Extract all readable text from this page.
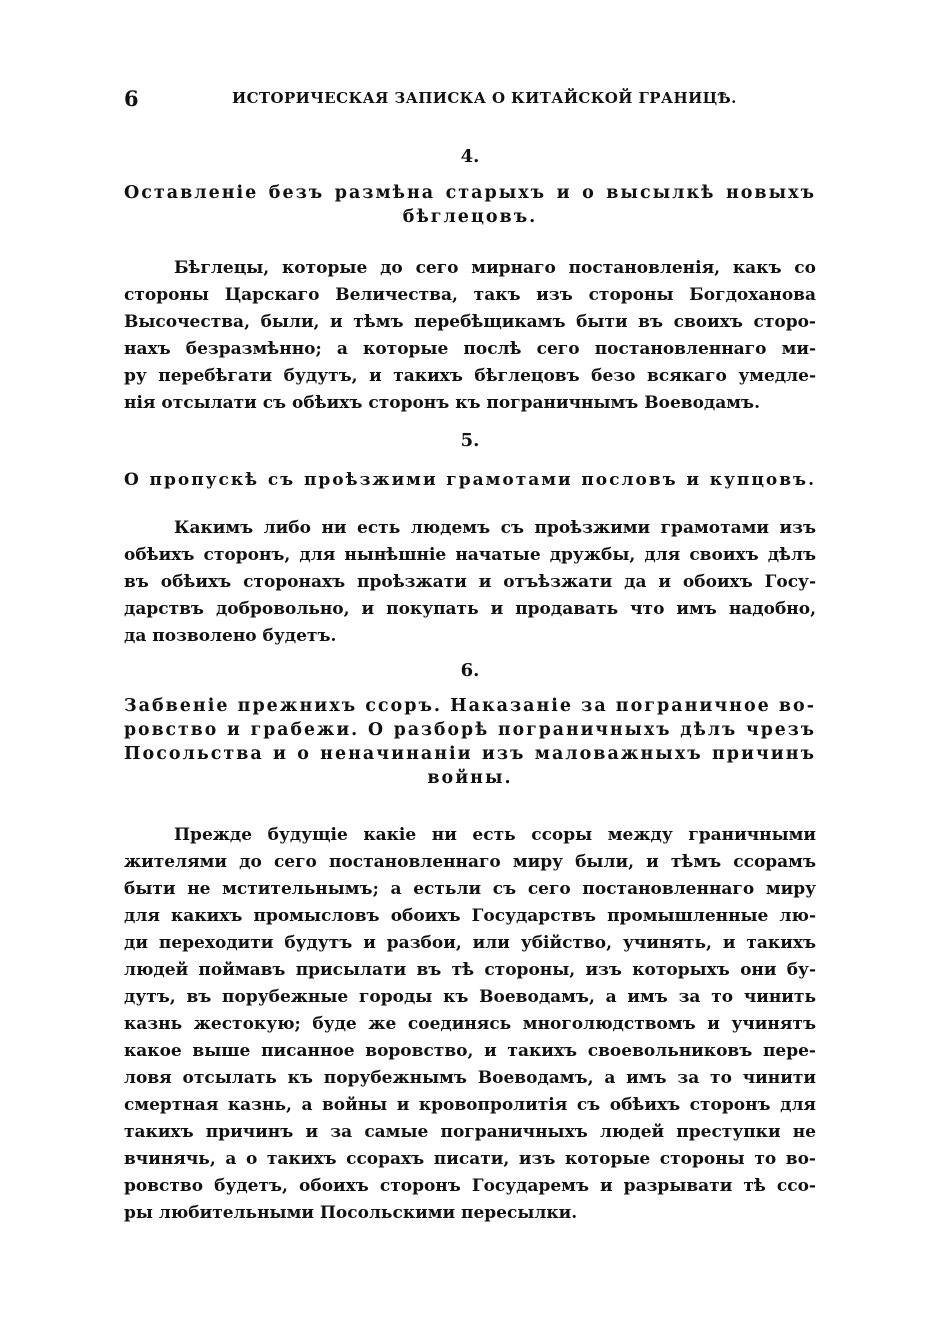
6	ИСТОРИЧЕСКАЯ ЗАПИСКА О КИТАЙСКОЙ ГРАНИЦѢ.
4.
Оставленіе безъ размѣна старыхъ и о высылкѣ новыхъ
бѣглецовъ.
Бѣглецы, которые до сего мирнаго постановленія, какъ со
стороны Царскаго Величества, такъ изъ стороны Богдоханова
Высочества, были, и тѣмъ перебѣщикамъ быти въ своихъ сторо-
нахъ безразмѣнно; а которые послѣ сего постановленнаго ми-
ру перебѣгати будутъ, и такихъ бѣглецовъ безо всякаго умедле-
нія отсылати съ обѣихъ сторонъ къ пограничнымъ Воеводамъ.
5.
О пропускѣ съ проѣзжими грамотами пословъ и купцовъ.
Какимъ либо ни есть людемъ съ проѣзжими грамотами изъ
обѣихъ сторонъ, для нынѣшніе начатые дружбы, для своихъ дѣлъ
въ обѣихъ сторонахъ проѣзжати и отъѣзжати да и обоихъ Госу-
дарствъ добровольно, и покупать и продавать что имъ надобно,
да позволено будетъ.
6.
Забвеніе прежнихъ ссоръ. Наказаніе за пограничное во-
ровство и грабежи. О разборѣ пограничныхъ дѣлъ чрезъ
Посольства и о неначинаніи изъ маловажныхъ причинъ
войны.
Прежде будущіе какіе ни есть ссоры между граничными
жителями до сего постановленнаго миру были, и тѣмъ ссорамъ
быти не мстительнымъ; а естьли съ сего постановленнаго миру
для какихъ промысловъ обоихъ Государствъ промышленные лю-
ди переходити будутъ и разбои, или убійство, учинять, и такихъ
людей поймавъ присылати въ тѣ стороны, изъ которыхъ они бу-
дутъ, въ порубежные городы къ Воеводамъ, а имъ за то чинить
казнь жестокую; буде же соединясь многолюдствомъ и учинятъ
какое выше писанное воровство, и такихъ своевольниковъ пере-
ловя отсылать къ порубежнымъ Воеводамъ, а имъ за то чинити
смертная казнь, а войны и кровопролитія съ обѣихъ сторонъ для
такихъ причинъ и за самые пограничныхъ людей преступки не
вчинячь, а о такихъ ссорахъ писати, изъ которые стороны то во-
ровство будетъ, обоихъ сторонъ Государемъ и разрывати тѣ ссо-
ры любительными Посольскими пересылки.
